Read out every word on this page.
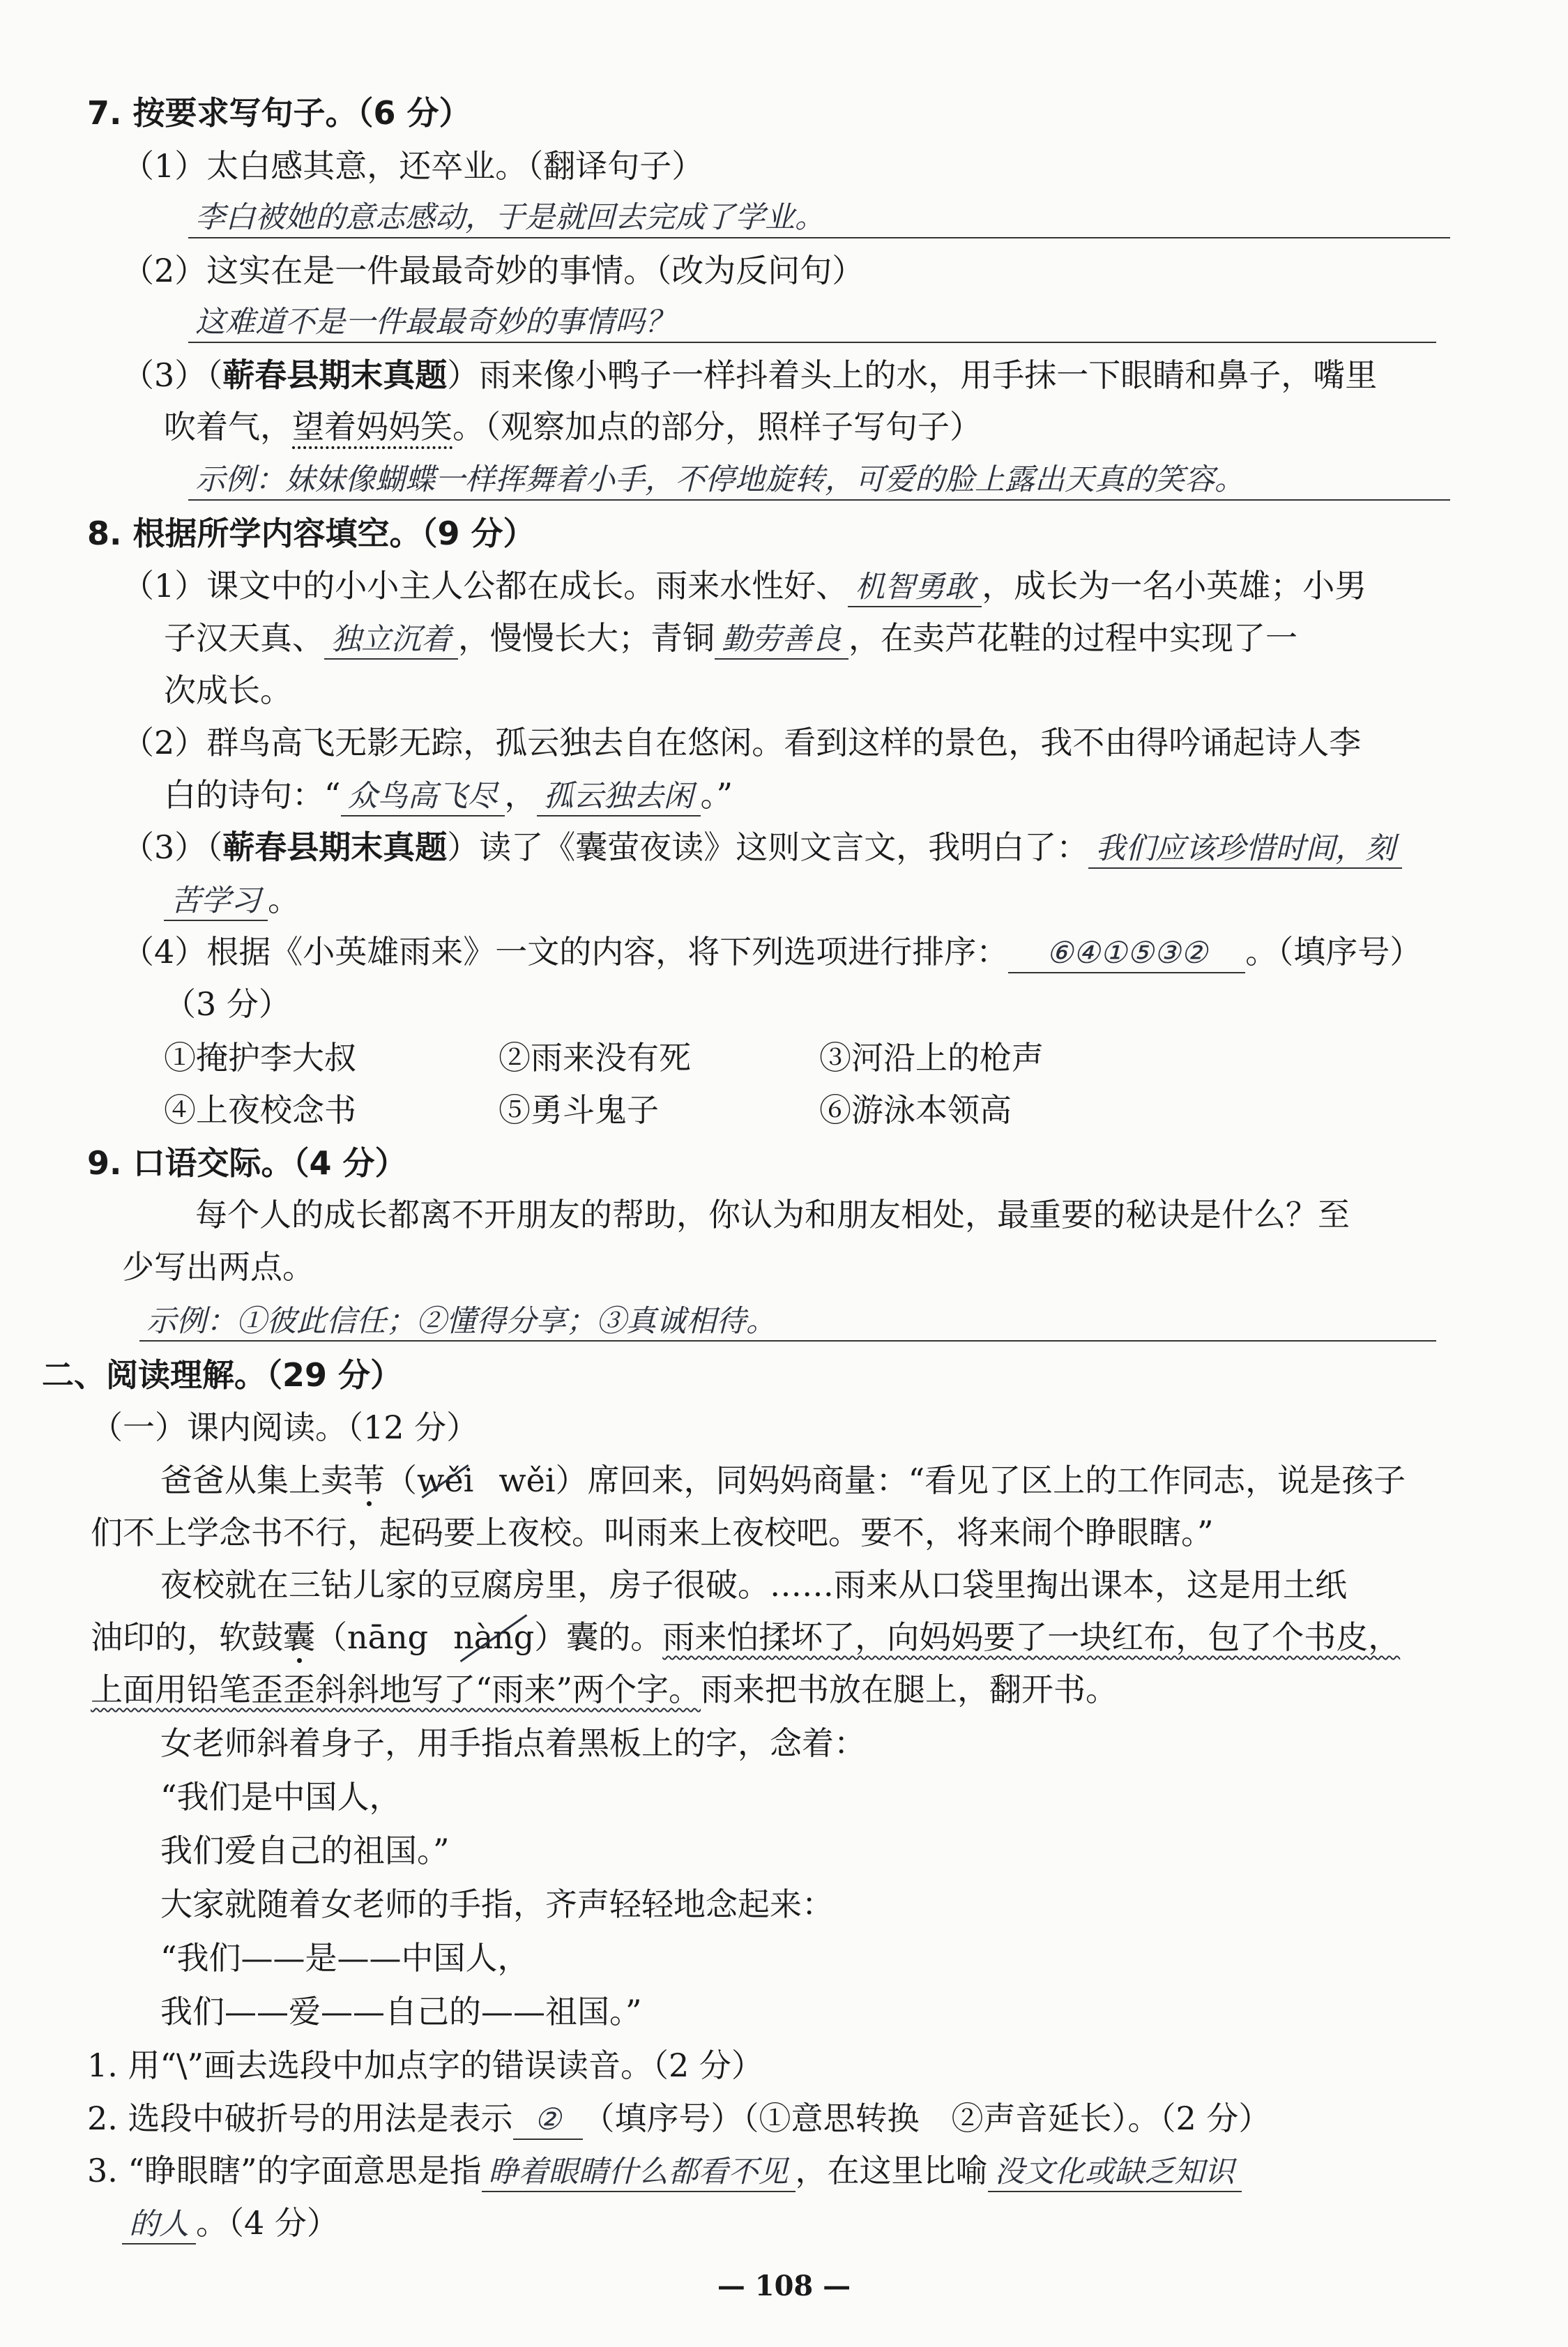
7. 按要求写句子。（6 分）
（1）太白感其意，还卒业。（翻译句子）
李白被她的意志感动，于是就回去完成了学业。
（2）这实在是一件最最奇妙的事情。（改为反问句）
这难道不是一件最最奇妙的事情吗？
（3）（蕲春县期末真题）雨来像小鸭子一样抖着头上的水，用手抹一下眼睛和鼻子，嘴里
吹着气，望着妈妈笑。（观察加点的部分，照样子写句子）
示例：妹妹像蝴蝶一样挥舞着小手，不停地旋转，可爱的脸上露出天真的笑容。
8. 根据所学内容填空。（9 分）
（1）课文中的小小主人公都在成长。雨来水性好、 机智勇敢 ，成长为一名小英雄；小男
子汉天真、 独立沉着 ，慢慢长大；青铜 勤劳善良 ，在卖芦花鞋的过程中实现了一
次成长。
（2）群鸟高飞无影无踪，孤云独去自在悠闲。看到这样的景色，我不由得吟诵起诗人李
白的诗句：“ 众鸟高飞尽 ， 孤云独去闲 。”
（3）（蕲春县期末真题）读了《囊萤夜读》这则文言文，我明白了： 我们应该珍惜时间，刻
苦学习 。
（4）根据《小英雄雨来》一文的内容，将下列选项进行排序： ⑥④①⑤③② 。（填序号）
（3 分）
①掩护李大叔	②雨来没有死	③河沿上的枪声
④上夜校念书	⑤勇斗鬼子	⑥游泳本领高
9. 口语交际。（4 分）
每个人的成长都离不开朋友的帮助，你认为和朋友相处，最重要的秘诀是什么？至
少写出两点。
示例：①彼此信任；②懂得分享；③真诚相待。
二、阅读理解。（29 分）
（一）课内阅读。（12 分）
爸爸从集上卖苇（wěi wěi）席回来，同妈妈商量：“看见了区上的工作同志，说是孩子
们不上学念书不行，起码要上夜校。叫雨来上夜校吧。要不，将来闹个睁眼瞎。”
夜校就在三钻儿家的豆腐房里，房子很破。……雨来从口袋里掏出课本，这是用土纸
油印的，软鼓囊（nāng nàng）囊的。雨来怕揉坏了，向妈妈要了一块红布，包了个书皮，
上面用铅笔歪歪斜斜地写了“雨来”两个字。雨来把书放在腿上，翻开书。
女老师斜着身子，用手指点着黑板上的字，念着：
“我们是中国人，
我们爱自己的祖国。”
大家就随着女老师的手指，齐声轻轻地念起来：
“我们——是——中国人，
我们——爱——自己的——祖国。”
1. 用“\”画去选段中加点字的错误读音。（2 分）
2. 选段中破折号的用法是表示 ② （填序号）（①意思转换　②声音延长）。（2 分）
3. “睁眼瞎”的字面意思是指 睁着眼睛什么都看不见 ，在这里比喻 没文化或缺乏知识
的人 。（4 分）
— 108 —
